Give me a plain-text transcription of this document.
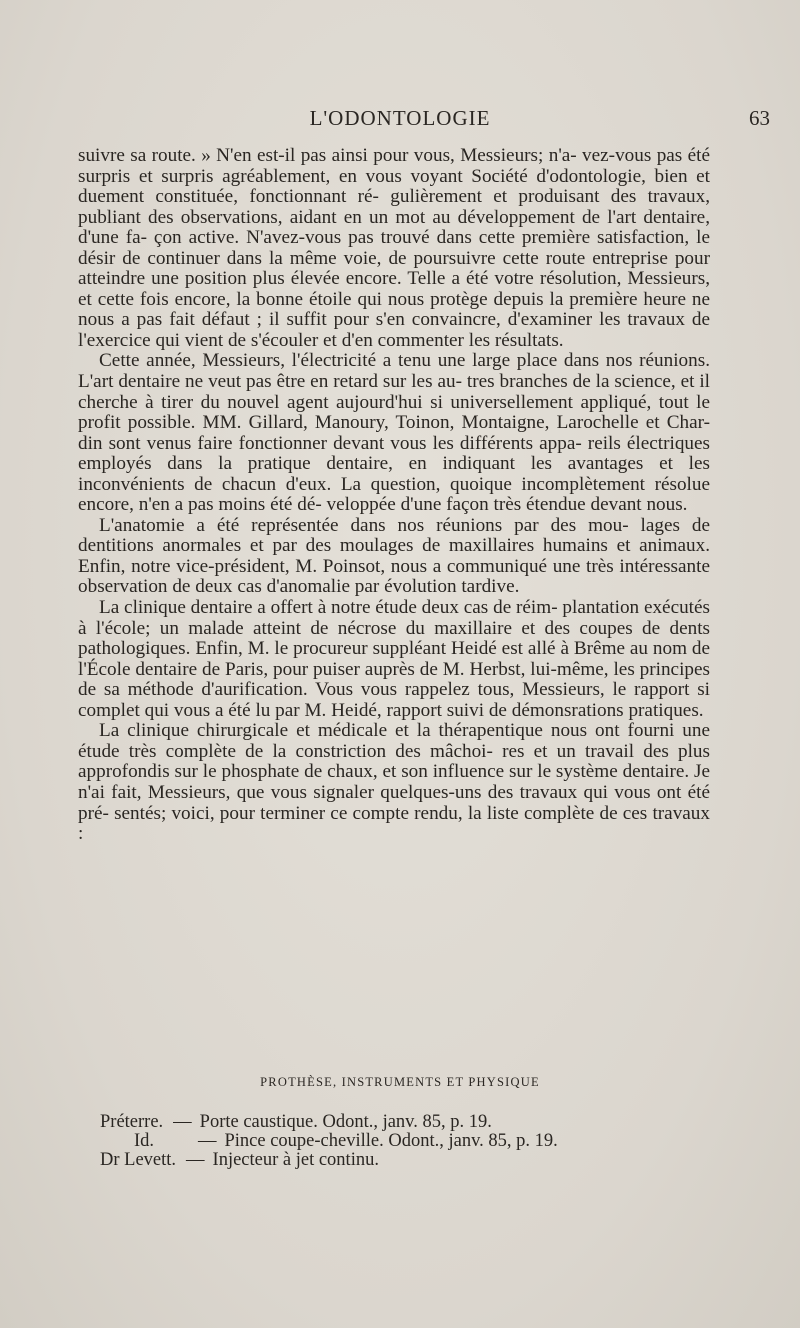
L'ODONTOLOGIE	63

suivre sa route. » N'en est-il pas ainsi pour vous, Messieurs; n'a- vez-vous pas été surpris et surpris agréablement, en vous voyant Société d'odontologie, bien et duement constituée, fonctionnant ré- gulièrement et produisant des travaux, publiant des observations, aidant en un mot au développement de l'art dentaire, d'une fa- çon active. N'avez-vous pas trouvé dans cette première satisfaction, le désir de continuer dans la même voie, de poursuivre cette route entreprise pour atteindre une position plus élevée encore. Telle a été votre résolution, Messieurs, et cette fois encore, la bonne étoile qui nous protège depuis la première heure ne nous a pas fait défaut ; il suffit pour s'en convaincre, d'examiner les travaux de l'exercice qui vient de s'écouler et d'en commenter les résultats.

Cette année, Messieurs, l'électricité a tenu une large place dans nos réunions. L'art dentaire ne veut pas être en retard sur les au- tres branches de la science, et il cherche à tirer du nouvel agent aujourd'hui si universellement appliqué, tout le profit possible. MM. Gillard, Manoury, Toinon, Montaigne, Larochelle et Char- din sont venus faire fonctionner devant vous les différents appa- reils électriques employés dans la pratique dentaire, en indiquant les avantages et les inconvénients de chacun d'eux. La question, quoique incomplètement résolue encore, n'en a pas moins été dé- veloppée d'une façon très étendue devant nous.

L'anatomie a été représentée dans nos réunions par des mou- lages de dentitions anormales et par des moulages de maxillaires humains et animaux. Enfin, notre vice-président, M. Poinsot, nous a communiqué une très intéressante observation de deux cas d'anomalie par évolution tardive.

La clinique dentaire a offert à notre étude deux cas de réim- plantation exécutés à l'école; un malade atteint de nécrose du maxillaire et des coupes de dents pathologiques. Enfin, M. le procureur suppléant Heidé est allé à Brême au nom de l'École dentaire de Paris, pour puiser auprès de M. Herbst, lui-même, les principes de sa méthode d'aurification. Vous vous rappelez tous, Messieurs, le rapport si complet qui vous a été lu par M. Heidé, rapport suivi de démonsrations pratiques.

La clinique chirurgicale et médicale et la thérapentique nous ont fourni une étude très complète de la constriction des mâchoi- res et un travail des plus approfondis sur le phosphate de chaux, et son influence sur le système dentaire. Je n'ai fait, Messieurs, que vous signaler quelques-uns des travaux qui vous ont été pré- sentés; voici, pour terminer ce compte rendu, la liste complète de ces travaux :

PROTHÈSE, INSTRUMENTS ET PHYSIQUE
Préterre. — Porte caustique. Odont., janv. 85, p. 19.
Id.	— Pince coupe-cheville. Odont., janv. 85, p. 19.
Dr Levett. — Injecteur à jet continu.
